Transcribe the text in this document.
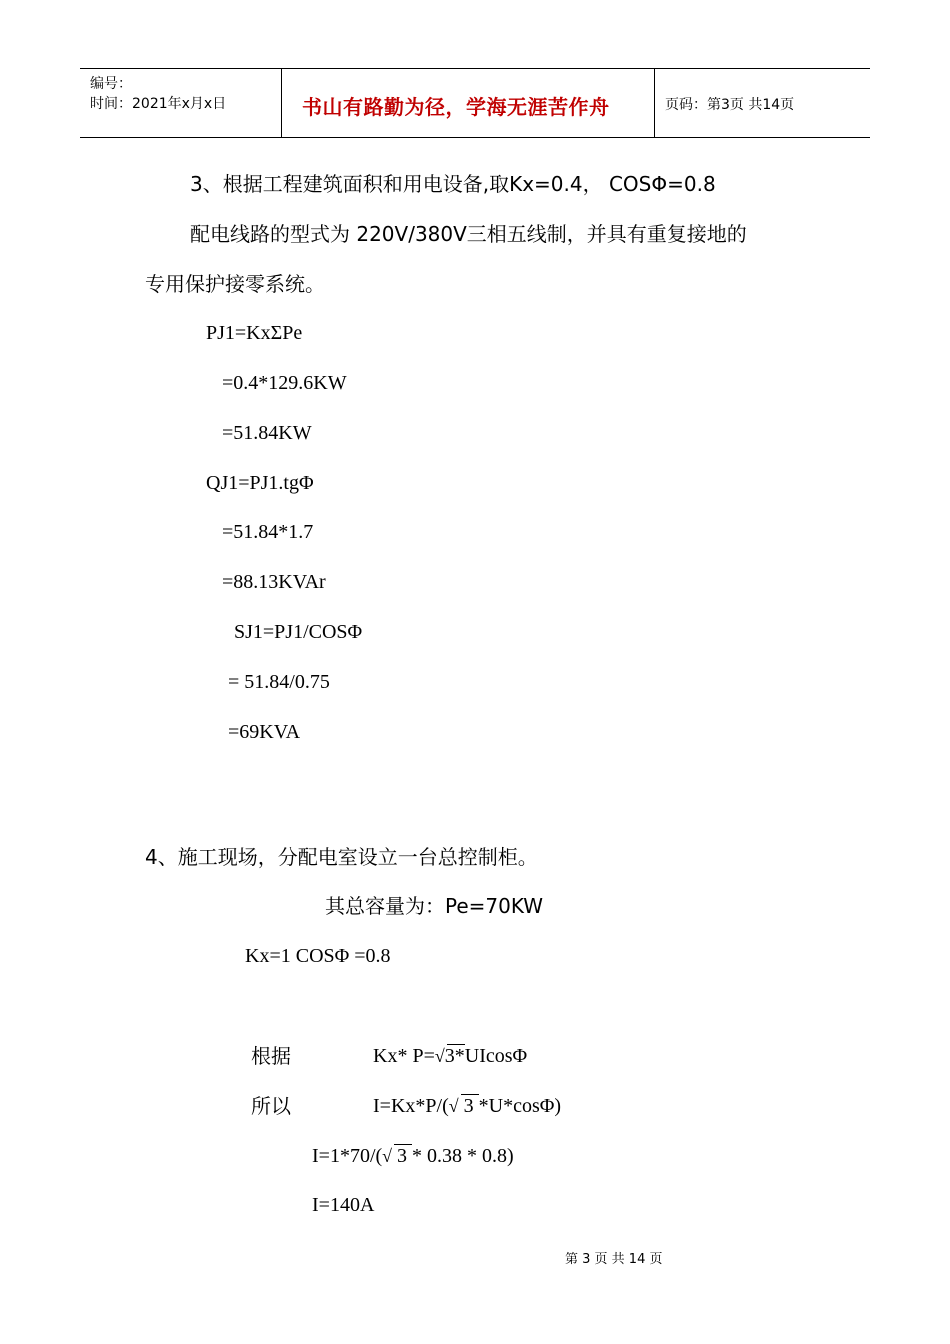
编号：
时间：2021年x月x日	书山有路勤为径，学海无涯苦作舟	页码：第3页 共14页
3、根据工程建筑面积和用电设备,取Kx=0.4， COSΦ=0.8
配电线路的型式为 220V/380V三相五线制，并具有重复接地的
专用保护接零系统。
PJ1=KxΣPe
=0.4*129.6KW
=51.84KW
QJ1=PJ1.tgΦ
=51.84*1.7
=88.13KVAr
SJ1=PJ1/COSΦ
= 51.84/0.75
=69KVA
4、施工现场，分配电室设立一台总控制柜。
其总容量为：Pe=70KW
Kx=1 COSΦ =0.8
根据	Kx* P=√
3*UIcosΦ
所以	I=Kx*P/(√
3 *U*cosΦ)
I=1*70/(√
3 * 0.38 * 0.8)
I=140A
第 3 页 共 14 页
